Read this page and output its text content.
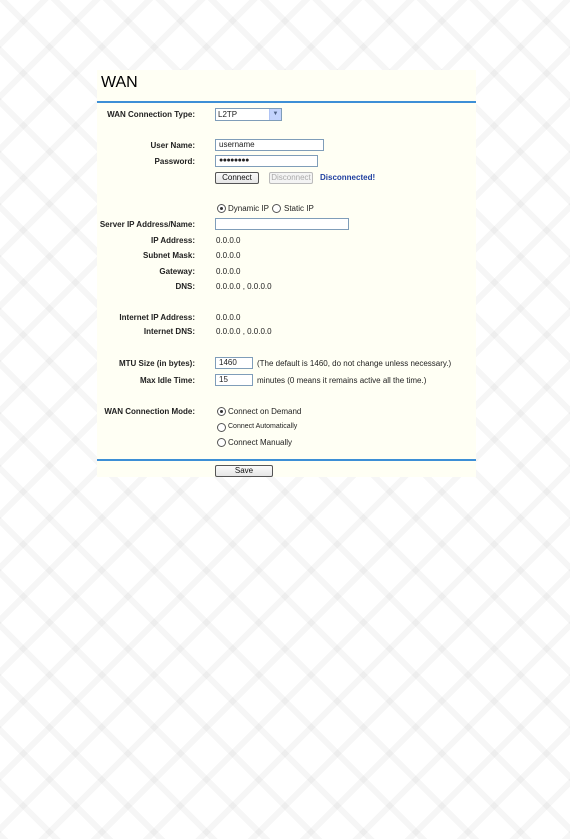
WAN
WAN Connection Type:	L2TP	▼
User Name:	username
Password:	●●●●●●●●
Connect	Disconnect Disconnected!
Dynamic IP Static IP
Server IP Address/Name:
IP Address:	0.0.0.0
Subnet Mask:	0.0.0.0
Gateway:	0.0.0.0
DNS:	0.0.0.0 , 0.0.0.0
Internet IP Address:	0.0.0.0
Internet DNS:	0.0.0.0 , 0.0.0.0
MTU Size (in bytes):	1460	(The default is 1460, do not change unless necessary.)
Max Idle Time:	15	minutes (0 means it remains active all the time.)
WAN Connection Mode:	Connect on Demand
Connect Automatically
Connect Manually
Save
